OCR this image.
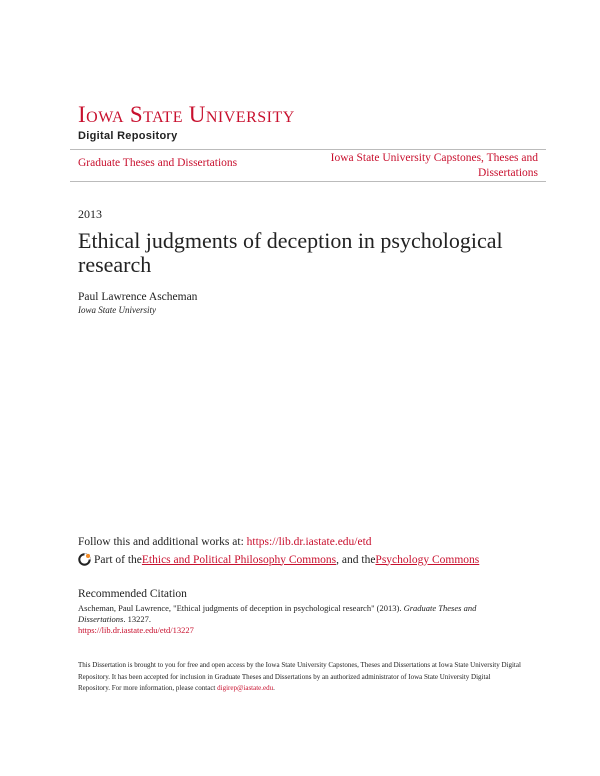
IOWA STATE UNIVERSITY
Digital Repository
Graduate Theses and Dissertations	Iowa State University Capstones, Theses and Dissertations
2013
Ethical judgments of deception in psychological research
Paul Lawrence Ascheman
Iowa State University
Follow this and additional works at: https://lib.dr.iastate.edu/etd
Part of the Ethics and Political Philosophy Commons , and the Psychology Commons
Recommended Citation
Ascheman, Paul Lawrence, "Ethical judgments of deception in psychological research" (2013). Graduate Theses and Dissertations. 13227.
https://lib.dr.iastate.edu/etd/13227
This Dissertation is brought to you for free and open access by the Iowa State University Capstones, Theses and Dissertations at Iowa State University Digital Repository. It has been accepted for inclusion in Graduate Theses and Dissertations by an authorized administrator of Iowa State University Digital Repository. For more information, please contact digirep@iastate.edu.
